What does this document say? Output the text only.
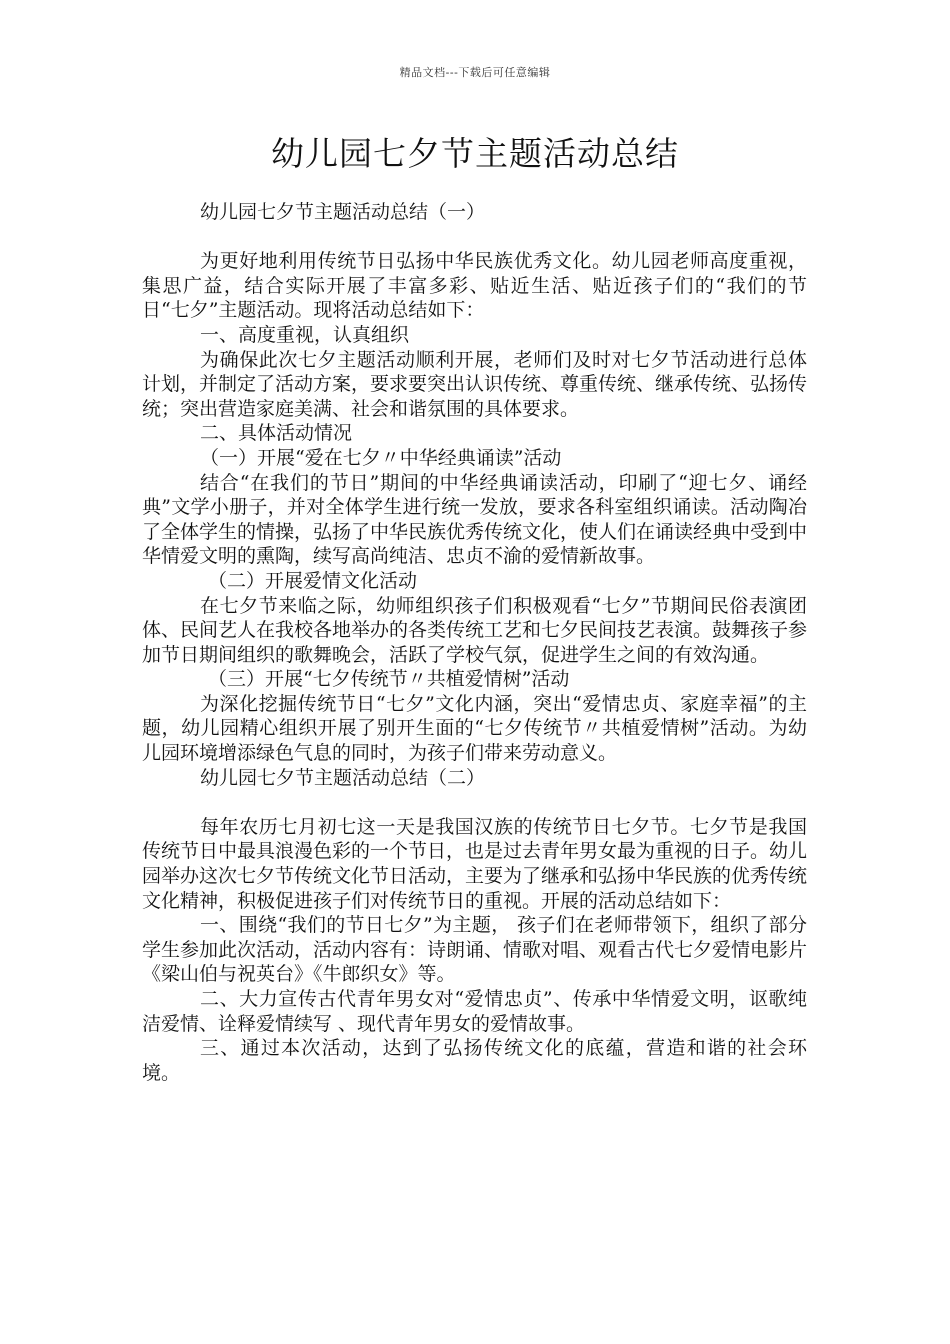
精品文档---下载后可任意编辑
幼儿园七夕节主题活动总结

幼儿园七夕节主题活动总结（一）

为更好地利用传统节日弘扬中华民族优秀文化。幼儿园老师高度重视，集思广益，结合实际开展了丰富多彩、贴近生活、贴近孩子们的“我们的节日“七夕”主题活动。现将活动总结如下：

一、高度重视，认真组织

为确保此次七夕主题活动顺利开展，老师们及时对七夕节活动进行总体计划，并制定了活动方案，要求要突出认识传统、尊重传统、继承传统、弘扬传统；突出营造家庭美满、社会和谐氛围的具体要求。

二、具体活动情况

（一）开展“爱在七夕〃中华经典诵读”活动

结合“在我们的节日”期间的中华经典诵读活动，印刷了“迎七夕、诵经典”文学小册子，并对全体学生进行统一发放，要求各科室组织诵读。活动陶冶了全体学生的情操，弘扬了中华民族优秀传统文化，使人们在诵读经典中受到中华情爱文明的熏陶，续写高尚纯洁、忠贞不渝的爱情新故事。

（二）开展爱情文化活动

在七夕节来临之际，幼师组织孩子们积极观看“七夕”节期间民俗表演团体、民间艺人在我校各地举办的各类传统工艺和七夕民间技艺表演。鼓舞孩子参加节日期间组织的歌舞晚会，活跃了学校气氛，促进学生之间的有效沟通。

（三）开展“七夕传统节〃共植爱情树”活动

为深化挖掘传统节日“七夕”文化内涵，突出“爱情忠贞、家庭幸福”的主题，幼儿园精心组织开展了别开生面的“七夕传统节〃共植爱情树”活动。为幼儿园环境增添绿色气息的同时，为孩子们带来劳动意义。

幼儿园七夕节主题活动总结（二）

每年农历七月初七这一天是我国汉族的传统节日七夕节。七夕节是我国传统节日中最具浪漫色彩的一个节日，也是过去青年男女最为重视的日子。幼儿园举办这次七夕节传统文化节日活动，主要为了继承和弘扬中华民族的优秀传统文化精神，积极促进孩子们对传统节日的重视。开展的活动总结如下：

一、围绕“我们的节日七夕”为主题， 孩子们在老师带领下，组织了部分学生参加此次活动，活动内容有：诗朗诵、情歌对唱、观看古代七夕爱情电影片《梁山伯与祝英台》《牛郎织女》等。

二、大力宣传古代青年男女对“爱情忠贞”、传承中华情爱文明，讴歌纯洁爱情、诠释爱情续写 、现代青年男女的爱情故事。

三、通过本次活动，达到了弘扬传统文化的底蕴，营造和谐的社会环境。
